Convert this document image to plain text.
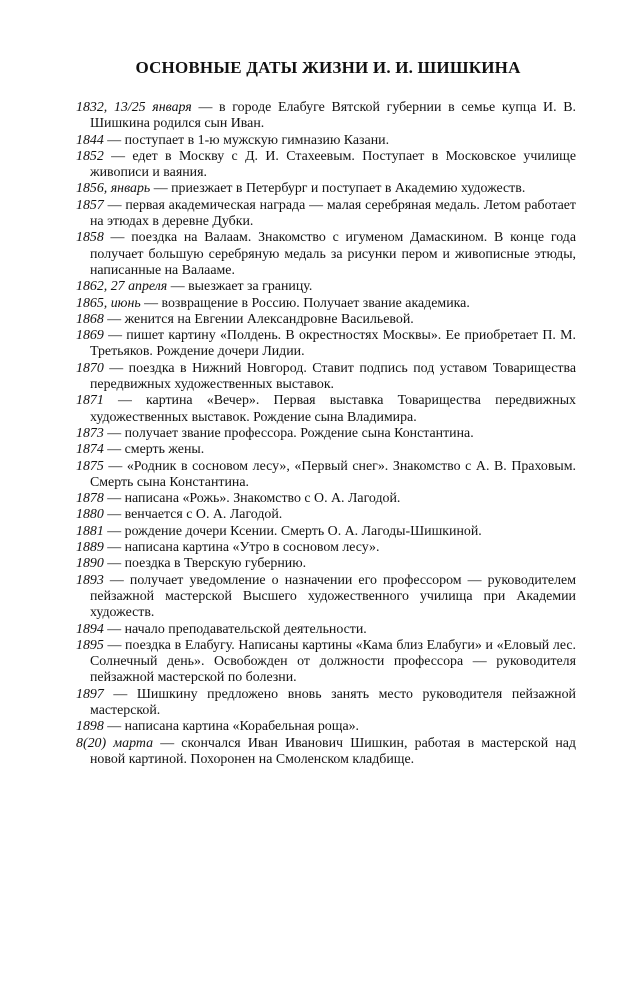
ОСНОВНЫЕ ДАТЫ ЖИЗНИ И. И. ШИШКИНА

1832, 13/25 января — в городе Елабуге Вятской губернии в семье купца И. В. Шишкина родился сын Иван.

1844 — поступает в 1-ю мужскую гимназию Казани.

1852 — едет в Москву с Д. И. Стахеевым. Поступает в Московское училище живописи и ваяния.

1856, январь — приезжает в Петербург и поступает в Академию художеств.

1857 — первая академическая награда — малая серебряная медаль. Летом работает на этюдах в деревне Дубки.

1858 — поездка на Валаам. Знакомство с игуменом Дамаскином. В конце года получает большую серебряную медаль за рисунки пером и живописные этюды, написанные на Валааме.

1862, 27 апреля — выезжает за границу.

1865, июнь — возвращение в Россию. Получает звание академика.

1868 — женится на Евгении Александровне Васильевой.

1869 — пишет картину «Полдень. В окрестностях Москвы». Ее приобретает П. М. Третьяков. Рождение дочери Лидии.

1870 — поездка в Нижний Новгород. Ставит подпись под уставом Товарищества передвижных художественных выставок.

1871 — картина «Вечер». Первая выставка Товарищества передвижных художественных выставок. Рождение сына Владимира.

1873 — получает звание профессора. Рождение сына Константина.

1874 — смерть жены.

1875 — «Родник в сосновом лесу», «Первый снег». Знакомство с А. В. Праховым. Смерть сына Константина.

1878 — написана «Рожь». Знакомство с О. А. Лагодой.

1880 — венчается с О. А. Лагодой.

1881 — рождение дочери Ксении. Смерть О. А. Лагоды-Шишкиной.

1889 — написана картина «Утро в сосновом лесу».

1890 — поездка в Тверскую губернию.

1893 — получает уведомление о назначении его профессором — руководителем пейзажной мастерской Высшего художественного училища при Академии художеств.

1894 — начало преподавательской деятельности.

1895 — поездка в Елабугу. Написаны картины «Кама близ Елабуги» и «Еловый лес. Солнечный день». Освобожден от должности профессора — руководителя пейзажной мастерской по болезни.

1897 — Шишкину предложено вновь занять место руководителя пейзажной мастерской.

1898 — написана картина «Корабельная роща».

8(20) марта — скончался Иван Иванович Шишкин, работая в мастерской над новой картиной. Похоронен на Смоленском кладбище.
